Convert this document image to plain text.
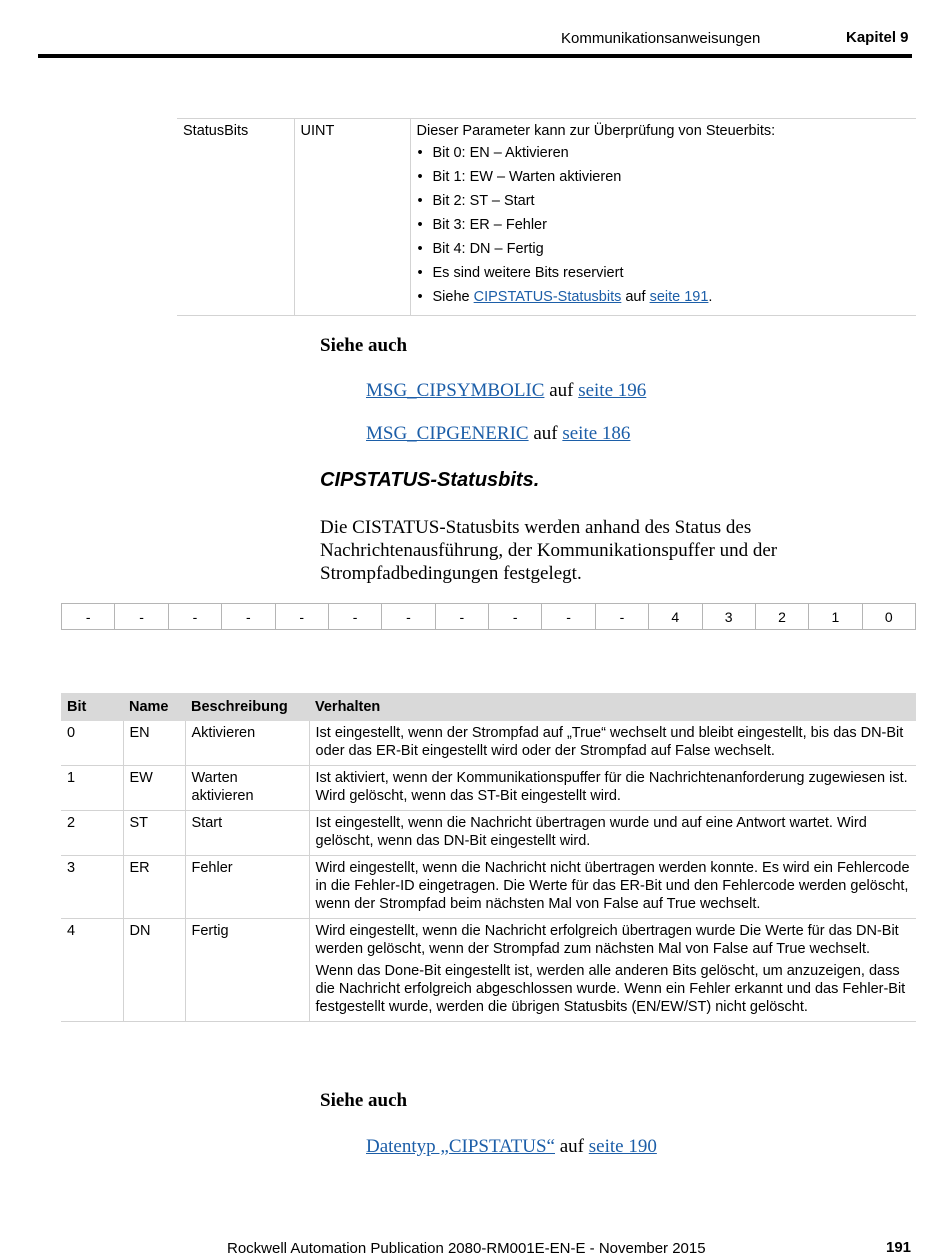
Kommunikationsanweisungen	Kapitel 9
StatusBits	UINT	Dieser Parameter kann zur Überprüfung von Steuerbits:
• Bit 0: EN – Aktivieren
• Bit 1: EW – Warten aktivieren
• Bit 2: ST – Start
• Bit 3: ER – Fehler
• Bit 4: DN – Fertig
• Es sind weitere Bits reserviert
• Siehe CIPSTATUS-Statusbits auf seite 191.
Siehe auch
MSG_CIPSYMBOLIC auf seite 196
MSG_CIPGENERIC auf seite 186
CIPSTATUS-Statusbits.

Die CISTATUS-Statusbits werden anhand des Status des Nachrichtenausführung, der Kommunikationspuffer und der Strompfadbedingungen festgelegt.

-	-	-	-	-	-	-	-	-	-	-	4	3	2	1	0
Bit	Name	Beschreibung	Verhalten
0	EN	Aktivieren	Ist eingestellt, wenn der Strompfad auf „True“ wechselt und bleibt eingestellt, bis das DN-Bit oder das ER-Bit eingestellt wird oder der Strompfad auf False wechselt.

1	EW	Warten aktivieren	Ist aktiviert, wenn der Kommunikationspuffer für die Nachrichtenanforderung zugewiesen ist. Wird gelöscht, wenn das ST-Bit eingestellt wird.

2	ST	Start	Ist eingestellt, wenn die Nachricht übertragen wurde und auf eine Antwort wartet. Wird gelöscht, wenn das DN-Bit eingestellt wird.

3	ER	Fehler	Wird eingestellt, wenn die Nachricht nicht übertragen werden konnte. Es wird ein Fehlercode in die Fehler-ID eingetragen. Die Werte für das ER-Bit und den Fehlercode werden gelöscht, wenn der Strompfad beim nächsten Mal von False auf True wechselt.

4	DN	Fertig	Wird eingestellt, wenn die Nachricht erfolgreich übertragen wurde Die Werte für das DN-Bit werden gelöscht, wenn der Strompfad zum nächsten Mal von False auf True wechselt.

Wenn das Done-Bit eingestellt ist, werden alle anderen Bits gelöscht, um anzuzeigen, dass die Nachricht erfolgreich abgeschlossen wurde. Wenn ein Fehler erkannt und das Fehler-Bit festgestellt wurde, werden die übrigen Statusbits (EN/EW/ST) nicht gelöscht.

Siehe auch
Datentyp „CIPSTATUS“ auf seite 190
Rockwell Automation Publication 2080-RM001E-EN-E - November 2015	191
